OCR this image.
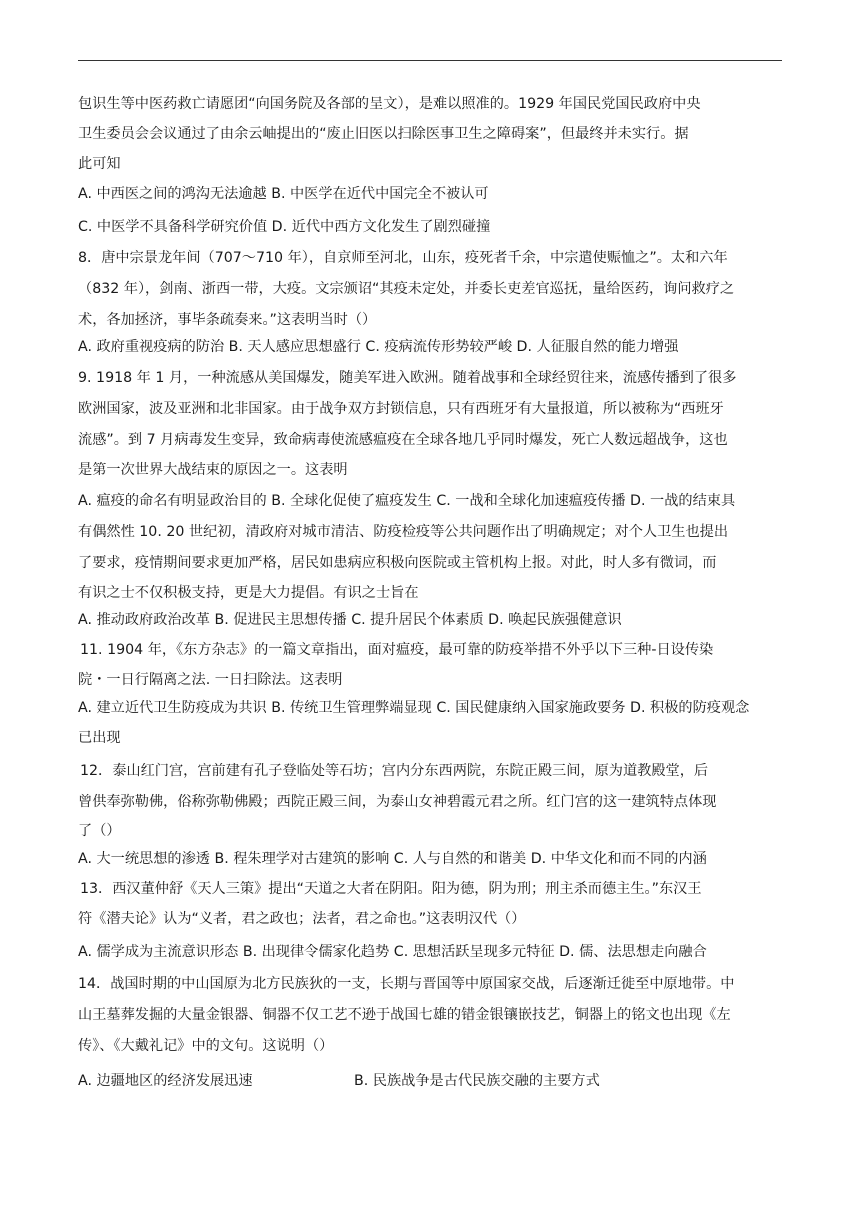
包识生等中医药救亡请愿团“向国务院及各部的呈文），是难以照准的。1929 年国民党国民政府中央
卫生委员会会议通过了由余云岫提出的“废止旧医以扫除医事卫生之障碍案”，但最终并未实行。据
此可知
A. 中西医之间的鸿沟无法逾越 B. 中医学在近代中国完全不被认可
C. 中医学不具备科学研究价值 D. 近代中西方文化发生了剧烈碰撞
8．唐中宗景龙年间（707～710 年），自京师至河北，山东，疫死者千余，中宗遣使赈恤之”。太和六年
（832 年），剑南、浙西一带，大疫。文宗颁诏“其疫未定处，并委长吏差官巡抚，量给医药，询问救疗之
术，各加拯济，事毕条疏奏来。”这表明当时（）
A. 政府重视疫病的防治 B. 天人感应思想盛行 C. 疫病流传形势较严峻 D. 人征服自然的能力增强
9. 1918 年 1 月，一种流感从美国爆发，随美军进入欧洲。随着战事和全球经贸往来，流感传播到了很多
欧洲国家，波及亚洲和北非国家。由于战争双方封锁信息，只有西班牙有大量报道，所以被称为“西班牙
流感”。到 7 月病毒发生变异，致命病毒使流感瘟疫在全球各地几乎同时爆发，死亡人数远超战争，这也
是第一次世界大战结束的原因之一。这表明
A. 瘟疫的命名有明显政治目的 B. 全球化促使了瘟疫发生 C. 一战和全球化加速瘟疫传播 D. 一战的结束具
有偶然性 10. 20 世纪初，清政府对城市清洁、防疫检疫等公共问题作出了明确规定；对个人卫生也提出
了要求，疫情期间要求更加严格，居民如患病应积极向医院或主管机构上报。对此，时人多有微词，而
有识之士不仅积极支持，更是大力提倡。有识之士旨在
A. 推动政府政治改革 B. 促进民主思想传播 C. 提升居民个体素质 D. 唤起民族强健意识
11. 1904 年，《东方杂志》的一篇文章指出，面对瘟疫，最可靠的防疫举措不外乎以下三种-日设传染
院・一日行隔离之法. 一日扫除法。这表明
A. 建立近代卫生防疫成为共识 B. 传统卫生管理弊端显现 C. 国民健康纳入国家施政要务 D. 积极的防疫观念
已出现
12．泰山红门宫，宫前建有孔子登临处等石坊；宫内分东西两院，东院正殿三间，原为道教殿堂，后
曾供奉弥勒佛，俗称弥勒佛殿；西院正殿三间，为泰山女神碧霞元君之所。红门宫的这一建筑特点体现
了（）
A. 大一统思想的渗透 B. 程朱理学对古建筑的影响 C. 人与自然的和谐美 D. 中华文化和而不同的内涵
13．西汉董仲舒《天人三策》提出“天道之大者在阴阳。阳为德，阴为刑；刑主杀而德主生。”东汉王
符《潜夫论》认为“义者，君之政也；法者，君之命也。”这表明汉代（）
A. 儒学成为主流意识形态 B. 出现律令儒家化趋势 C. 思想活跃呈现多元特征 D. 儒、法思想走向融合
14．战国时期的中山国原为北方民族狄的一支，长期与晋国等中原国家交战，后逐渐迁徙至中原地带。中
山王墓葬发掘的大量金银器、铜器不仅工艺不逊于战国七雄的错金银镶嵌技艺，铜器上的铭文也出现《左
传》、《大戴礼记》中的文句。这说明（）
A. 边疆地区的经济发展迅速	B. 民族战争是古代民族交融的主要方式
